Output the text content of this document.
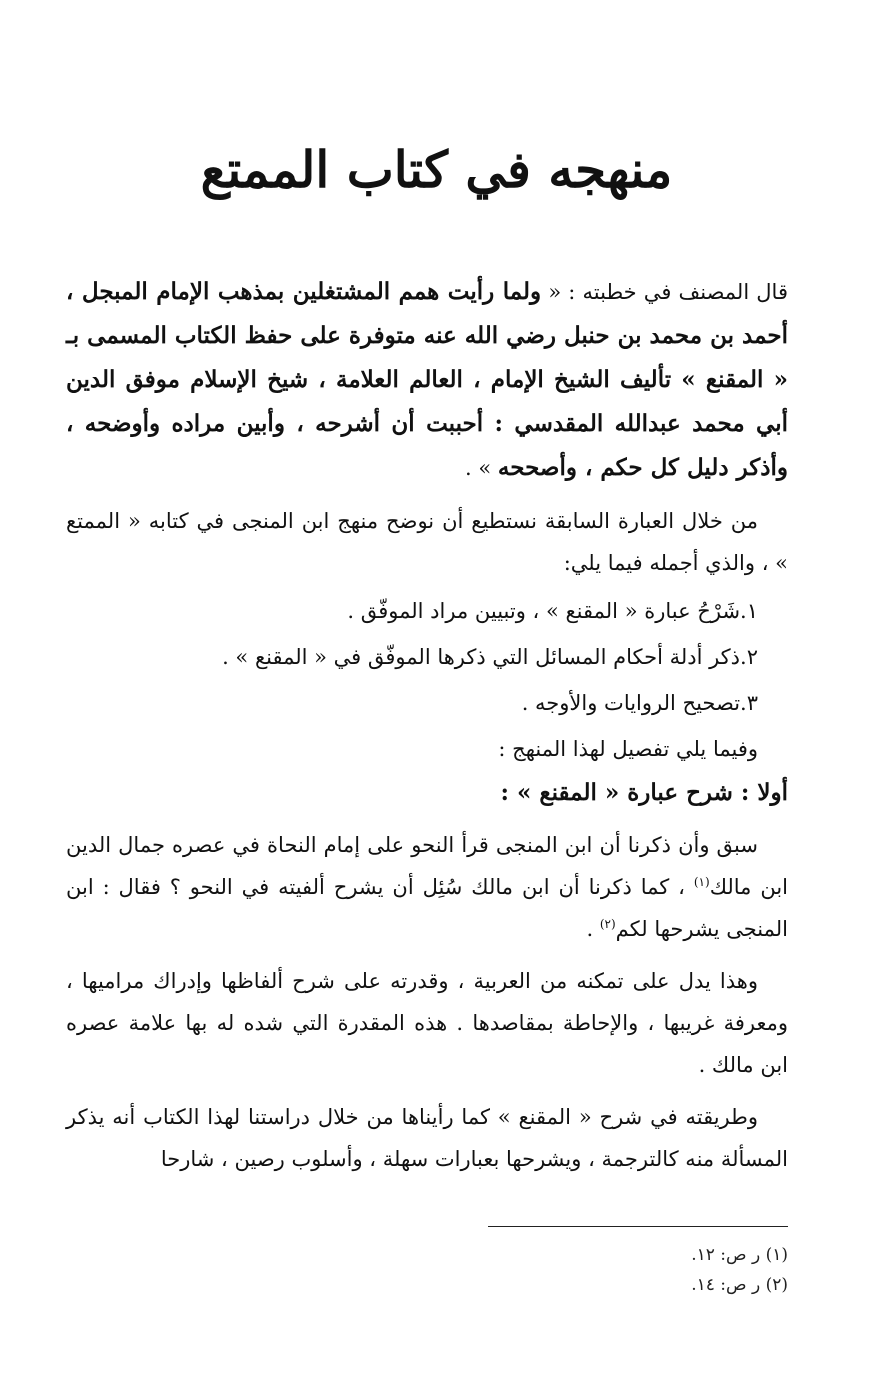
منهجه في كتاب الممتع

قال المصنف في خطبته : « ولما رأيت همم المشتغلين بمذهب الإمام المبجل ، أحمد بن محمد بن حنبل رضي الله عنه متوفرة على حفظ الكتاب المسمى بـ « المقنع » تأليف الشيخ الإمام ، العالم العلامة ، شيخ الإسلام موفق الدين أبي محمد عبدالله المقدسي : أحببت أن أشرحه ، وأبين مراده وأوضحه ، وأذكر دليل كل حكم ، وأصححه » .

من خلال العبارة السابقة نستطيع أن نوضح منهج ابن المنجى في كتابه « الممتع » ، والذي أجمله فيما يلي:

١.شَرْحُ عبارة « المقنع » ، وتبيين مراد الموفّق .
٢.ذكر أدلة أحكام المسائل التي ذكرها الموفّق في « المقنع » .
٣.تصحيح الروايات والأوجه .
وفيما يلي تفصيل لهذا المنهج :

أولا : شرح عبارة « المقنع » :

سبق وأن ذكرنا أن ابن المنجى قرأ النحو على إمام النحاة في عصره جمال الدين ابن مالك$^{(١)}$ ، كما ذكرنا أن ابن مالك سُئِل أن يشرح ألفيته في النحو ؟ فقال : ابن المنجى يشرحها لكم$^{(٢)}$ .

وهذا يدل على تمكنه من العربية ، وقدرته على شرح ألفاظها وإدراك مراميها ، ومعرفة غريبها ، والإحاطة بمقاصدها . هذه المقدرة التي شده له بها علامة عصره ابن مالك .

وطريقته في شرح « المقنع » كما رأيناها من خلال دراستنا لهذا الكتاب أنه يذكر المسألة منه كالترجمة ، ويشرحها بعبارات سهلة ، وأسلوب رصين ، شارحا

(١) ر ص: ١٢.
(٢) ر ص: ١٤.
